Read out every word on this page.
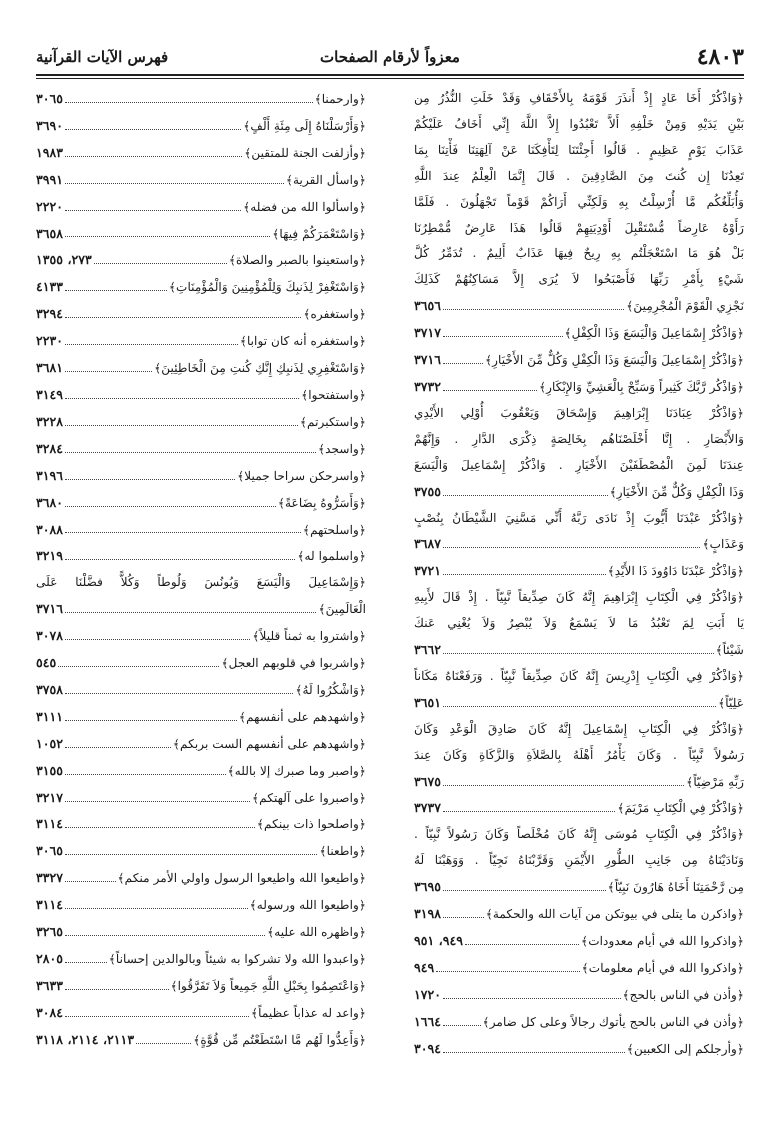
٤٨٠٣
معزواً لأرقام الصفحات
فهرس الآيات القرآنية
﴿وَاذْكُرْ أَخَا عَادٍ إِذْ أَنذَرَ قَوْمَهُ بِالأَحْقَافِ وَقَدْ خَلَتِ النُّذُرُ مِن
بَيْنِ يَدَيْهِ وَمِنْ خَلْفِهِ أَلاَّ تَعْبُدُوا إِلاَّ اللَّهَ إِنِّي أَخَافُ عَلَيْكُمْ
عَذَابَ يَوْمٍ عَظِيمٍ . قَالُوا أَجِئْتَنَا لِتَأْفِكَنَا عَنْ آلِهَتِنَا فَأْتِنَا بِمَا
تَعِدُنَا إِن كُنتَ مِنَ الصَّادِقِينَ . قَالَ إِنَّمَا الْعِلْمُ عِندَ اللَّهِ
وَأُبَلِّغُكُم مَّا أُرْسِلْتُ بِهِ وَلَكِنِّي أَرَاكُمْ قَوْماً تَجْهَلُونَ . فَلَمَّا
رَأَوْهُ عَارِضاً مُّسْتَقْبِلَ أَوْدِيَتِهِمْ قَالُوا هَذَا عَارِضٌ مُّمْطِرُنَا
بَلْ هُوَ مَا اسْتَعْجَلْتُم بِهِ رِيحٌ فِيهَا عَذَابٌ أَلِيمٌ . تُدَمِّرُ كُلَّ
شَيْءٍ بِأَمْرِ رَبِّهَا فَأَصْبَحُوا لاَ يُرَى إِلاَّ مَسَاكِنُهُمْ كَذَلِكَ
نَجْزِي الْقَوْمَ الْمُجْرِمِينَ﴾
٣٦٥٦
﴿وَاذْكُرْ إِسْمَاعِيلَ وَالْيَسَعَ وَذَا الْكِفْلِ﴾
٣٧١٧
﴿وَاذْكُرْ إِسْمَاعِيلَ وَالْيَسَعَ وَذَا الْكِفْلِ وَكُلٌّ مِّنَ الأَخْيَارِ﴾
٣٧١٦
﴿وَاذْكُر رَّبَّكَ كَثِيراً وَسَبِّحْ بِالْعَشِيِّ وَالإِبْكَارِ﴾
٣٧٣٢
﴿وَاذْكُرْ عِبَادَنَا إِبْرَاهِيمَ وَإِسْحَاقَ وَيَعْقُوبَ أُوْلِي الأَيْدِي
وَالأَبْصَارِ . إِنَّا أَخْلَصْنَاهُم بِخَالِصَةٍ ذِكْرَى الدَّارِ . وَإِنَّهُمْ
عِندَنَا لَمِنَ الْمُصْطَفَيْنَ الأَخْيَارِ . وَاذْكُرْ إِسْمَاعِيلَ وَالْيَسَعَ
وَذَا الْكِفْلِ وَكُلٌّ مِّنَ الأَخْيَارِ﴾
٣٧٥٥
﴿وَاذْكُرْ عَبْدَنَا أَيُّوبَ إِذْ نَادَى رَبَّهُ أَنِّي مَسَّنِيَ الشَّيْطَانُ بِنُصْبٍ
وَعَذَابٍ﴾
٣٦٨٧
﴿وَاذْكُرْ عَبْدَنَا دَاوُودَ ذَا الأَيْدِ﴾
٣٧٢١
﴿وَاذْكُرْ فِي الْكِتَابِ إِبْرَاهِيمَ إِنَّهُ كَانَ صِدِّيقاً نَّبِيّاً . إِذْ قَالَ لأَبِيهِ
يَا أَبَتِ لِمَ تَعْبُدُ مَا لاَ يَسْمَعُ وَلاَ يُبْصِرُ وَلاَ يُغْنِي عَنكَ
شَيْئاً﴾
٣٦٦٢
﴿وَاذْكُرْ فِي الْكِتَابِ إِدْرِيسَ إِنَّهُ كَانَ صِدِّيقاً نَّبِيّاً . وَرَفَعْنَاهُ مَكَاناً
عَلِيّاً﴾
٣٦٥١
﴿وَاذْكُرْ فِي الْكِتَابِ إِسْمَاعِيلَ إِنَّهُ كَانَ صَادِقَ الْوَعْدِ وَكَانَ
رَسُولاً نَّبِيّاً . وَكَانَ يَأْمُرُ أَهْلَهُ بِالصَّلاَةِ وَالزَّكَاةِ وَكَانَ عِندَ
رَبِّهِ مَرْضِيّاً﴾
٣٦٧٥
﴿وَاذْكُرْ فِي الْكِتَابِ مَرْيَمَ﴾
٣٧٣٧
﴿وَاذْكُرْ فِي الْكِتَابِ مُوسَى إِنَّهُ كَانَ مُخْلَصاً وَكَانَ رَسُولاً نَّبِيّاً .
وَنَادَيْنَاهُ مِن جَانِبِ الطُّورِ الأَيْمَنِ وَقَرَّبْنَاهُ نَجِيّاً . وَوَهَبْنَا لَهُ
مِن رَّحْمَتِنَا أَخَاهُ هَارُونَ نَبِيّاً﴾
٣٦٩٥
﴿واذكرن ما يتلى في بيوتكن من آيات الله والحكمة﴾
٣١٩٨
﴿واذكروا الله في أيام معدودات﴾
٩٤٩، ٩٥١
﴿واذكروا الله في أيام معلومات﴾
٩٤٩
﴿وأذن في الناس بالحج﴾
١٧٢٠
﴿وأذن في الناس بالحج يأتوك رجالاً وعلى كل ضامر﴾
١٦٦٤
﴿وأرجلكم إلى الكعبين﴾
٣٠٩٤
﴿وارحمنا﴾
٣٠٦٥
﴿وَأَرْسَلْنَاهُ إِلَى مِئَةِ أَلْفٍ﴾
٣٦٩٠
﴿وأزلفت الجنة للمتقين﴾
١٩٨٣
﴿واسأل القرية﴾
٣٩٩١
﴿واسألوا الله من فضله﴾
٢٢٢٠
﴿وَاسْتَعْمَرَكُمْ فِيهَا﴾
٣٦٥٨
﴿واستعينوا بالصبر والصلاة﴾
٢٧٣، ١٣٥٥
﴿وَاسْتَغْفِرْ لِذَنبِكَ وَلِلْمُؤْمِنِينَ وَالْمُؤْمِنَاتِ﴾
٤١٣٣
﴿واستغفره﴾
٣٢٩٤
﴿واستغفره أنه كان توابا﴾
٢٢٣٠
﴿وَاسْتَغْفِرِي لِذَنبِكِ إِنَّكِ كُنتِ مِنَ الْخَاطِئِينَ﴾
٣٦٨١
﴿واستفتحوا﴾
٣١٤٩
﴿واستكبرتم﴾
٣٢٢٨
﴿واسجد﴾
٣٢٨٤
﴿واسرحكن سراحا جميلا﴾
٣١٩٦
﴿وَأَسَرُّوهُ بِضَاعَةً﴾
٣٦٨٠
﴿واسلحتهم﴾
٣٠٨٨
﴿واسلموا له﴾
٣٢١٩
﴿وَإِسْمَاعِيلَ وَالْيَسَعَ وَيُونُسَ وَلُوطاً وَكُلاًّ فضَّلْنَا عَلَى
الْعَالَمِينَ﴾
٣٧١٦
﴿واشتروا به ثمناً قليلاً﴾
٣٠٧٨
﴿واشربوا في قلوبهم العجل﴾
٥٤٥
﴿وَاشْكُرُوا لَهُ﴾
٣٧٥٨
﴿واشهدهم على أنفسهم﴾
٣١١١
﴿واشهدهم على أنفسهم الست بربكم﴾
١٠٥٢
﴿واصبر وما صبرك إلا بالله﴾
٣١٥٥
﴿واصبروا على آلهتكم﴾
٣٢١٧
﴿واصلحوا ذات بينكم﴾
٣١١٤
﴿واطعنا﴾
٣٠٦٥
﴿واطيعوا الله واطيعوا الرسول واولي الأمر منكم﴾
٣٣٢٧
﴿واطيعوا الله ورسوله﴾
٣١١٤
﴿واظهره الله عليه﴾
٣٢٦٥
﴿واعبدوا الله ولا تشركوا به شيئاً وبالوالدين إحساناً﴾
٢٨٠٥
﴿وَاعْتَصِمُوا بِحَبْلِ اللَّهِ جَمِيعاً وَلاَ تَفَرَّقُوا﴾
٣٦٣٣
﴿واعد له عذاباً عظيماً﴾
٣٠٨٤
﴿وَأَعِدُّوا لَهُم مَّا اسْتَطَعْتُم مِّن قُوَّةٍ﴾
٢١١٣، ٢١١٤، ٣١١٨
